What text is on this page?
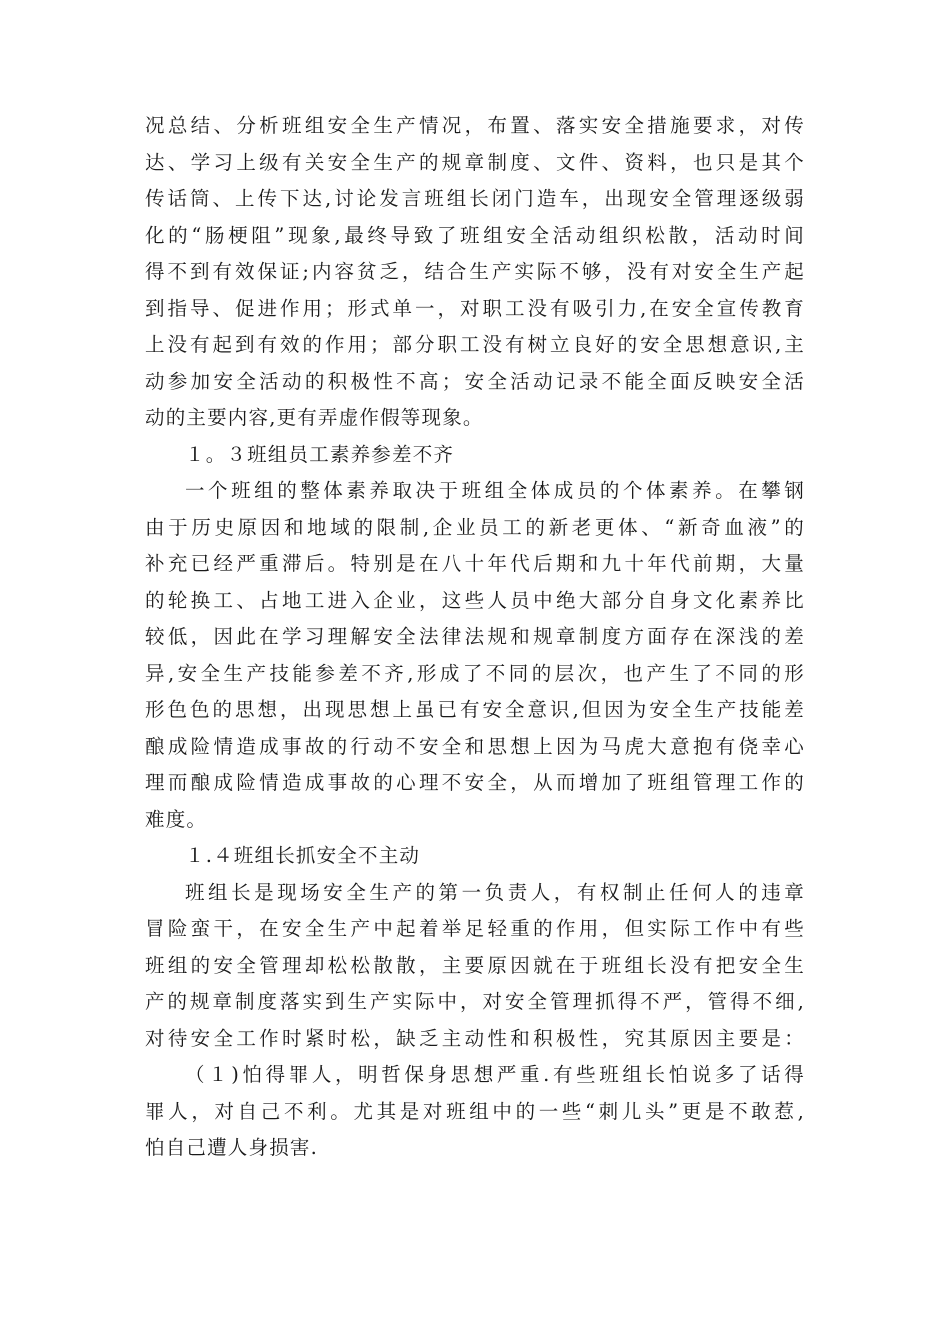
况总结、分析班组安全生产情况，布置、落实安全措施要求，对传
达、学习上级有关安全生产的规章制度、文件、资料，也只是其个
传话筒、上传下达,讨论发言班组长闭门造车，出现安全管理逐级弱
化的“肠梗阻”现象,最终导致了班组安全活动组织松散，活动时间
得不到有效保证;内容贫乏，结合生产实际不够，没有对安全生产起
到指导、促进作用；形式单一，对职工没有吸引力,在安全宣传教育
上没有起到有效的作用；部分职工没有树立良好的安全思想意识,主
动参加安全活动的积极性不高；安全活动记录不能全面反映安全活
动的主要内容,更有弄虚作假等现象。

１。３班组员工素养参差不齐

一个班组的整体素养取决于班组全体成员的个体素养。在攀钢
由于历史原因和地域的限制,企业员工的新老更体、“新奇血液”的
补充已经严重滞后。特别是在八十年代后期和九十年代前期，大量
的轮换工、占地工进入企业，这些人员中绝大部分自身文化素养比
较低，因此在学习理解安全法律法规和规章制度方面存在深浅的差
异,安全生产技能参差不齐,形成了不同的层次，也产生了不同的形
形色色的思想，出现思想上虽已有安全意识,但因为安全生产技能差
酿成险情造成事故的行动不安全和思想上因为马虎大意抱有侥幸心
理而酿成险情造成事故的心理不安全，从而增加了班组管理工作的
难度。

１.４班组长抓安全不主动

班组长是现场安全生产的第一负责人，有权制止任何人的违章
冒险蛮干，在安全生产中起着举足轻重的作用，但实际工作中有些
班组的安全管理却松松散散，主要原因就在于班组长没有把安全生
产的规章制度落实到生产实际中，对安全管理抓得不严，管得不细,
对待安全工作时紧时松，缺乏主动性和积极性，究其原因主要是：

（１)怕得罪人，明哲保身思想严重.有些班组长怕说多了话得
罪人，对自己不利。尤其是对班组中的一些“刺儿头”更是不敢惹,
怕自己遭人身损害.
